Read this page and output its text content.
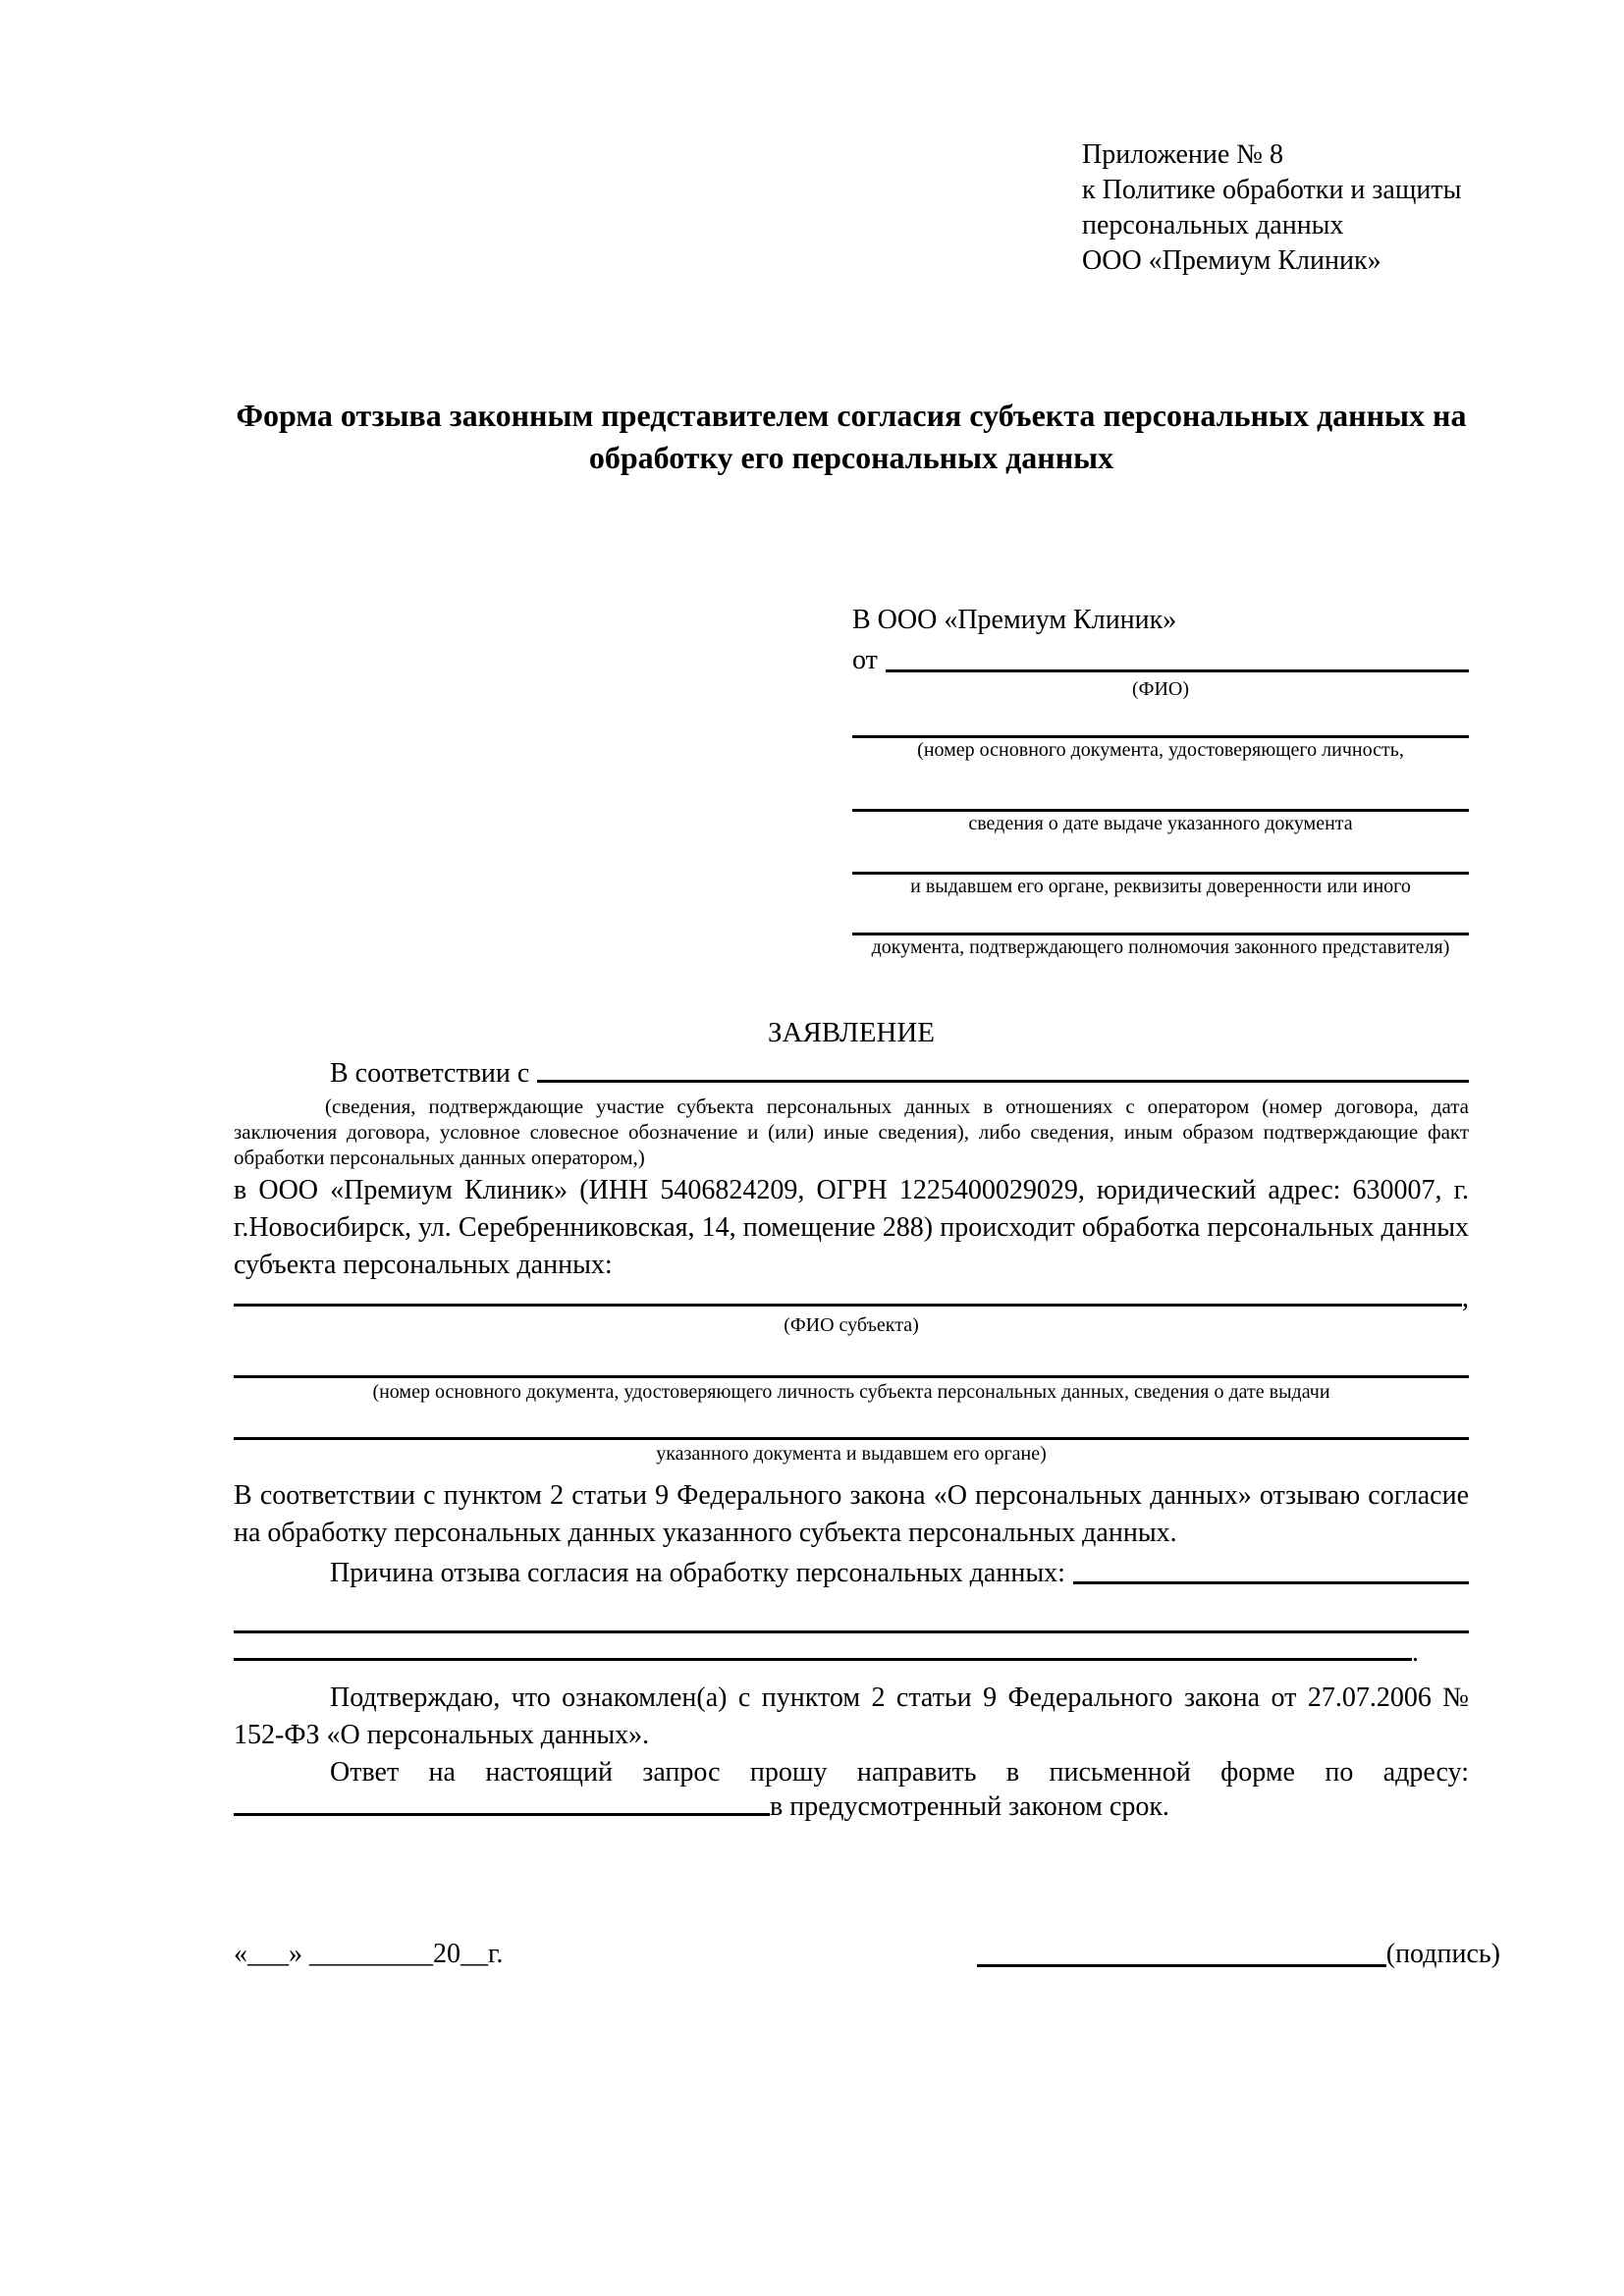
Приложение № 8
к Политике обработки и защиты
персональных данных
ООО «Премиум Клиник»
Форма отзыва законным представителем согласия субъекта персональных данных на обработку его персональных данных
В ООО «Премиум Клиник»
от
(ФИО)
(номер основного документа, удостоверяющего личность,
сведения о дате выдаче указанного документа
и выдавшем его органе, реквизиты доверенности или иного
документа, подтверждающего полномочия законного представителя)
ЗАЯВЛЕНИЕ
В соответствии с

(сведения, подтверждающие участие субъекта персональных данных в отношениях с оператором (номер договора, дата заключения договора, условное словесное обозначение и (или) иные сведения), либо сведения, иным образом подтверждающие факт обработки персональных данных оператором,)

в ООО «Премиум Клиник» (ИНН 5406824209, ОГРН 1225400029029, юридический адрес: 630007, г. г.Новосибирск, ул. Серебренниковская, 14, помещение 288) происходит обработка персональных данных субъекта персональных данных:

,
(ФИО субъекта)
(номер основного документа, удостоверяющего личность субъекта персональных данных, сведения о дате выдачи
указанного документа и выдавшем его органе)

В соответствии с пунктом 2 статьи 9 Федерального закона «О персональных данных» отзываю согласие на обработку персональных данных указанного субъекта персональных данных.

Причина отзыва согласия на обработку персональных данных:
.

Подтверждаю, что ознакомлен(а) с пунктом 2 статьи 9 Федерального закона от 27.07.2006 № 152-ФЗ «О персональных данных».

Ответ на настоящий запрос прошу направить в письменной форме по адресу:

в предусмотренный законом срок.
«___» _________20__г.	(подпись)
